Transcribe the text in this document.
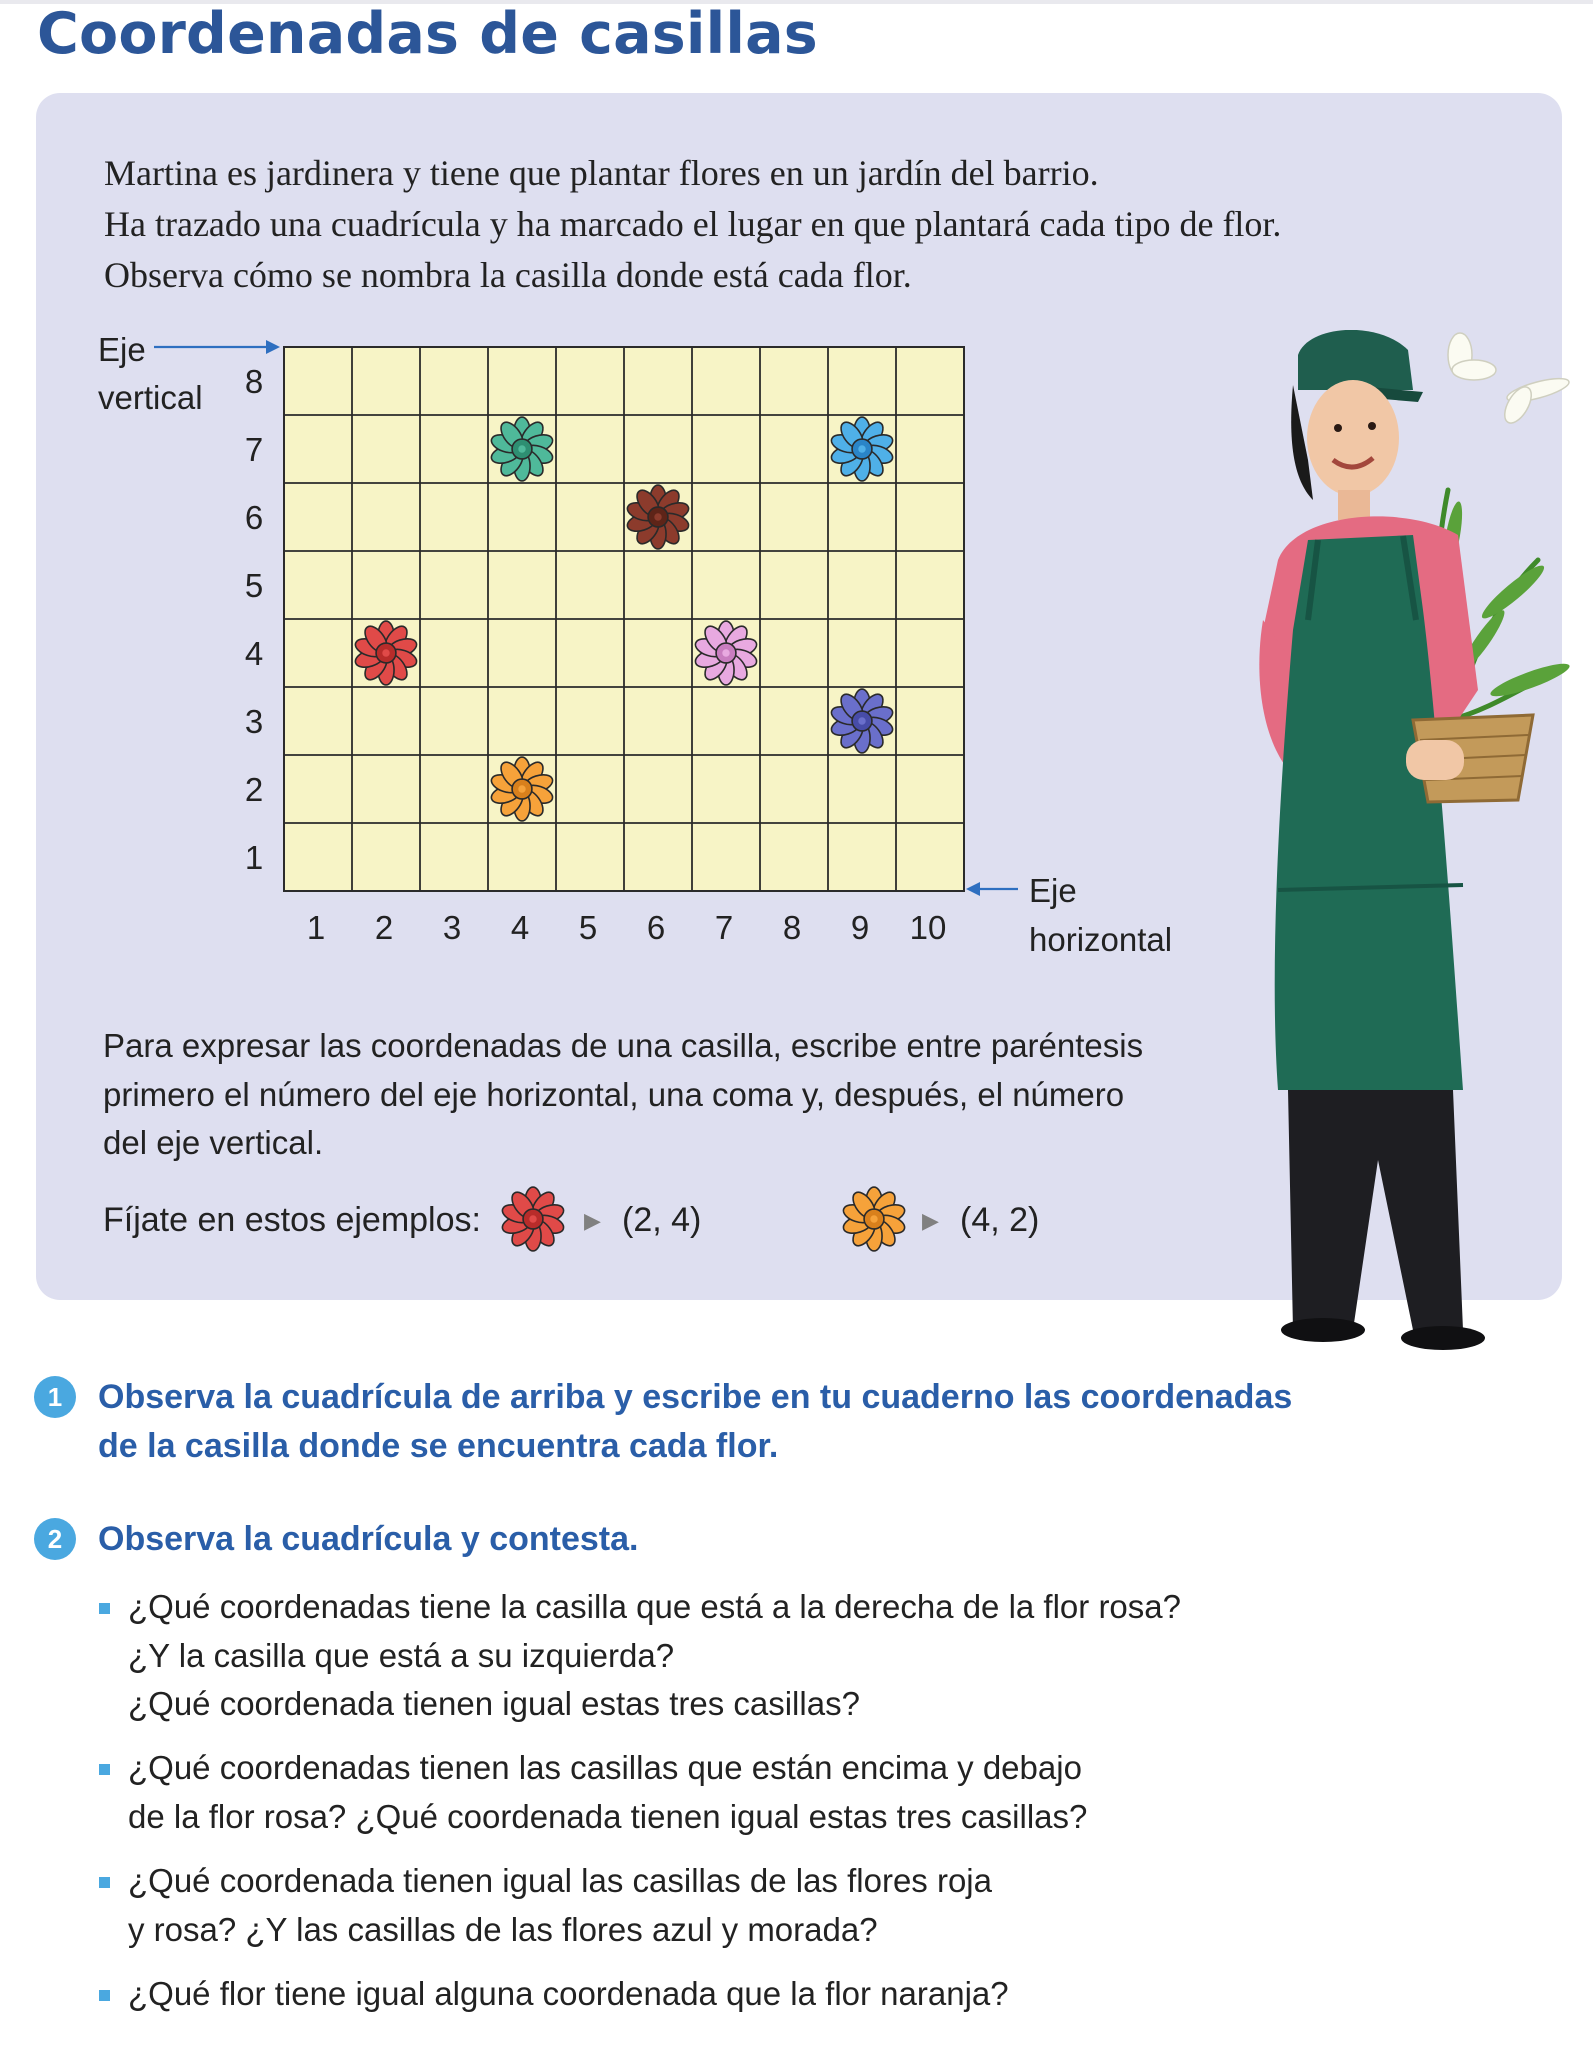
Coordenadas de casillas

Martina es jardinera y tiene que plantar flores en un jardín del barrio.

Ha trazado una cuadrícula y ha marcado el lugar en que plantará cada tipo de flor.

Observa cómo se nombra la casilla donde está cada flor.

Eje
vertical
Eje
horizontal
1 2 3 4 5 6 7 8 9 10
1
2
3
4
5
6
7
8

Para expresar las coordenadas de una casilla, escribe entre paréntesis
primero el número del eje horizontal, una coma y, después, el número
del eje vertical.

Fíjate en estos ejemplos:	▶ (2, 4)	▶ (4, 2)
1	Observa la cuadrícula de arriba y escribe en tu cuaderno las coordenadas
de la casilla donde se encuentra cada flor.

2	Observa la cuadrícula y contesta.

¿Qué coordenadas tiene la casilla que está a la derecha de la flor rosa?
¿Y la casilla que está a su izquierda?
¿Qué coordenada tienen igual estas tres casillas?

¿Qué coordenadas tienen las casillas que están encima y debajo
de la flor rosa? ¿Qué coordenada tienen igual estas tres casillas?

¿Qué coordenada tienen igual las casillas de las flores roja
y rosa? ¿Y las casillas de las flores azul y morada?

¿Qué flor tiene igual alguna coordenada que la flor naranja?
